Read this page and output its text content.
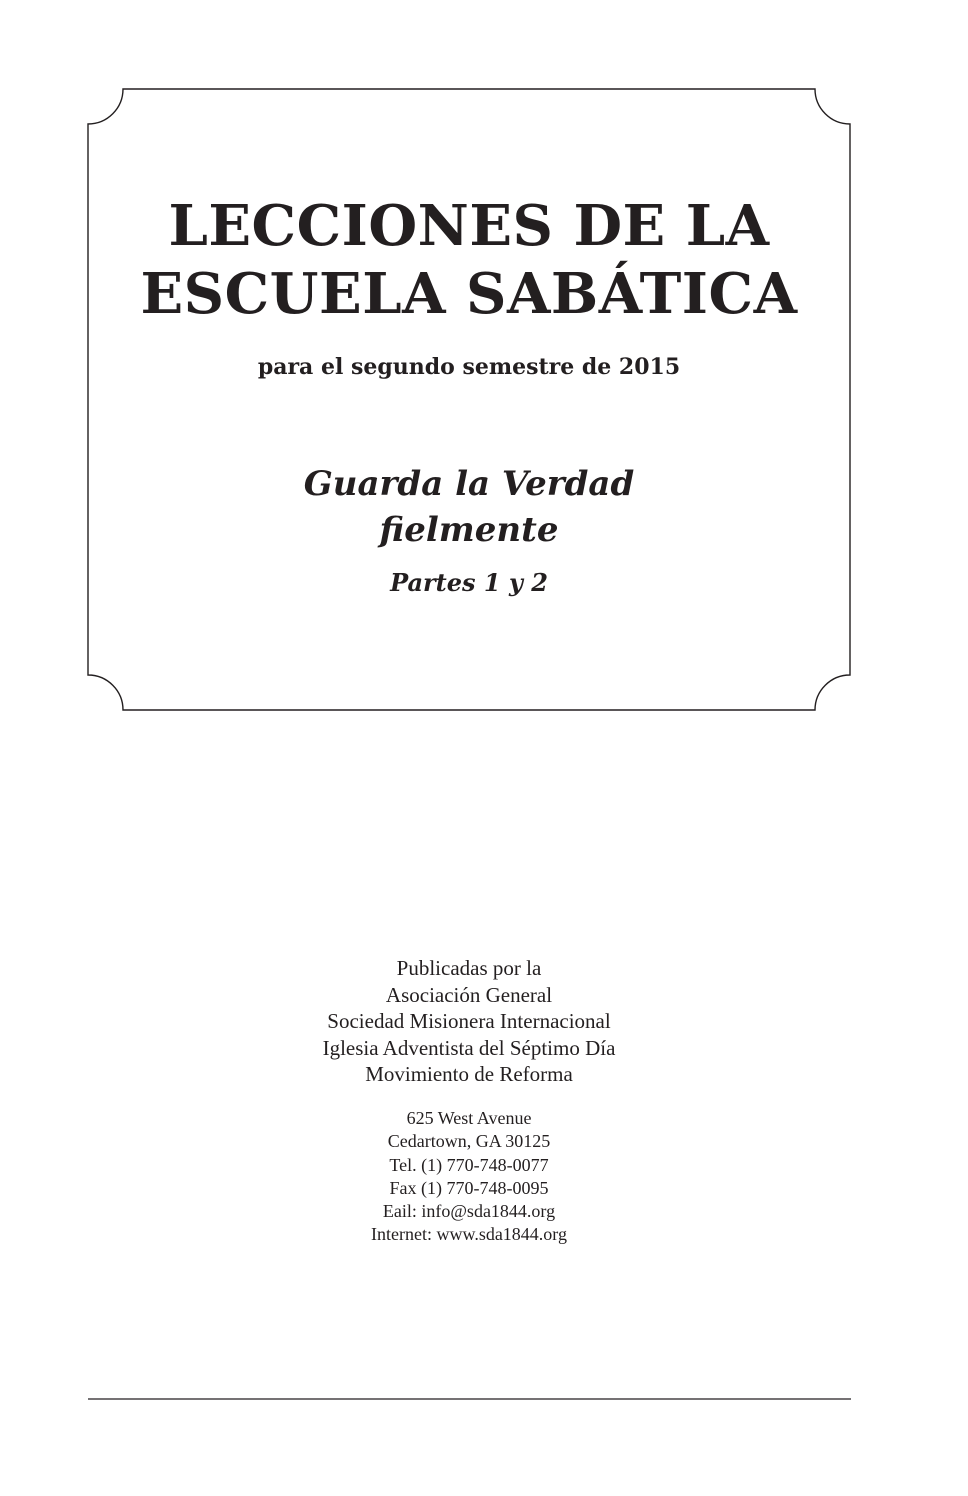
LECCIONES DE LA
ESCUELA SABÁTICA
para el segundo semestre de 2015
Guarda la Verdad
fielmente
Partes 1 y 2
Publicadas por la
Asociación General
Sociedad Misionera Internacional
Iglesia Adventista del Séptimo Día
Movimiento de Reforma
625 West Avenue
Cedartown, GA 30125
Tel. (1) 770-748-0077
Fax (1) 770-748-0095
Eail: info@sda1844.org
Internet: www.sda1844.org
